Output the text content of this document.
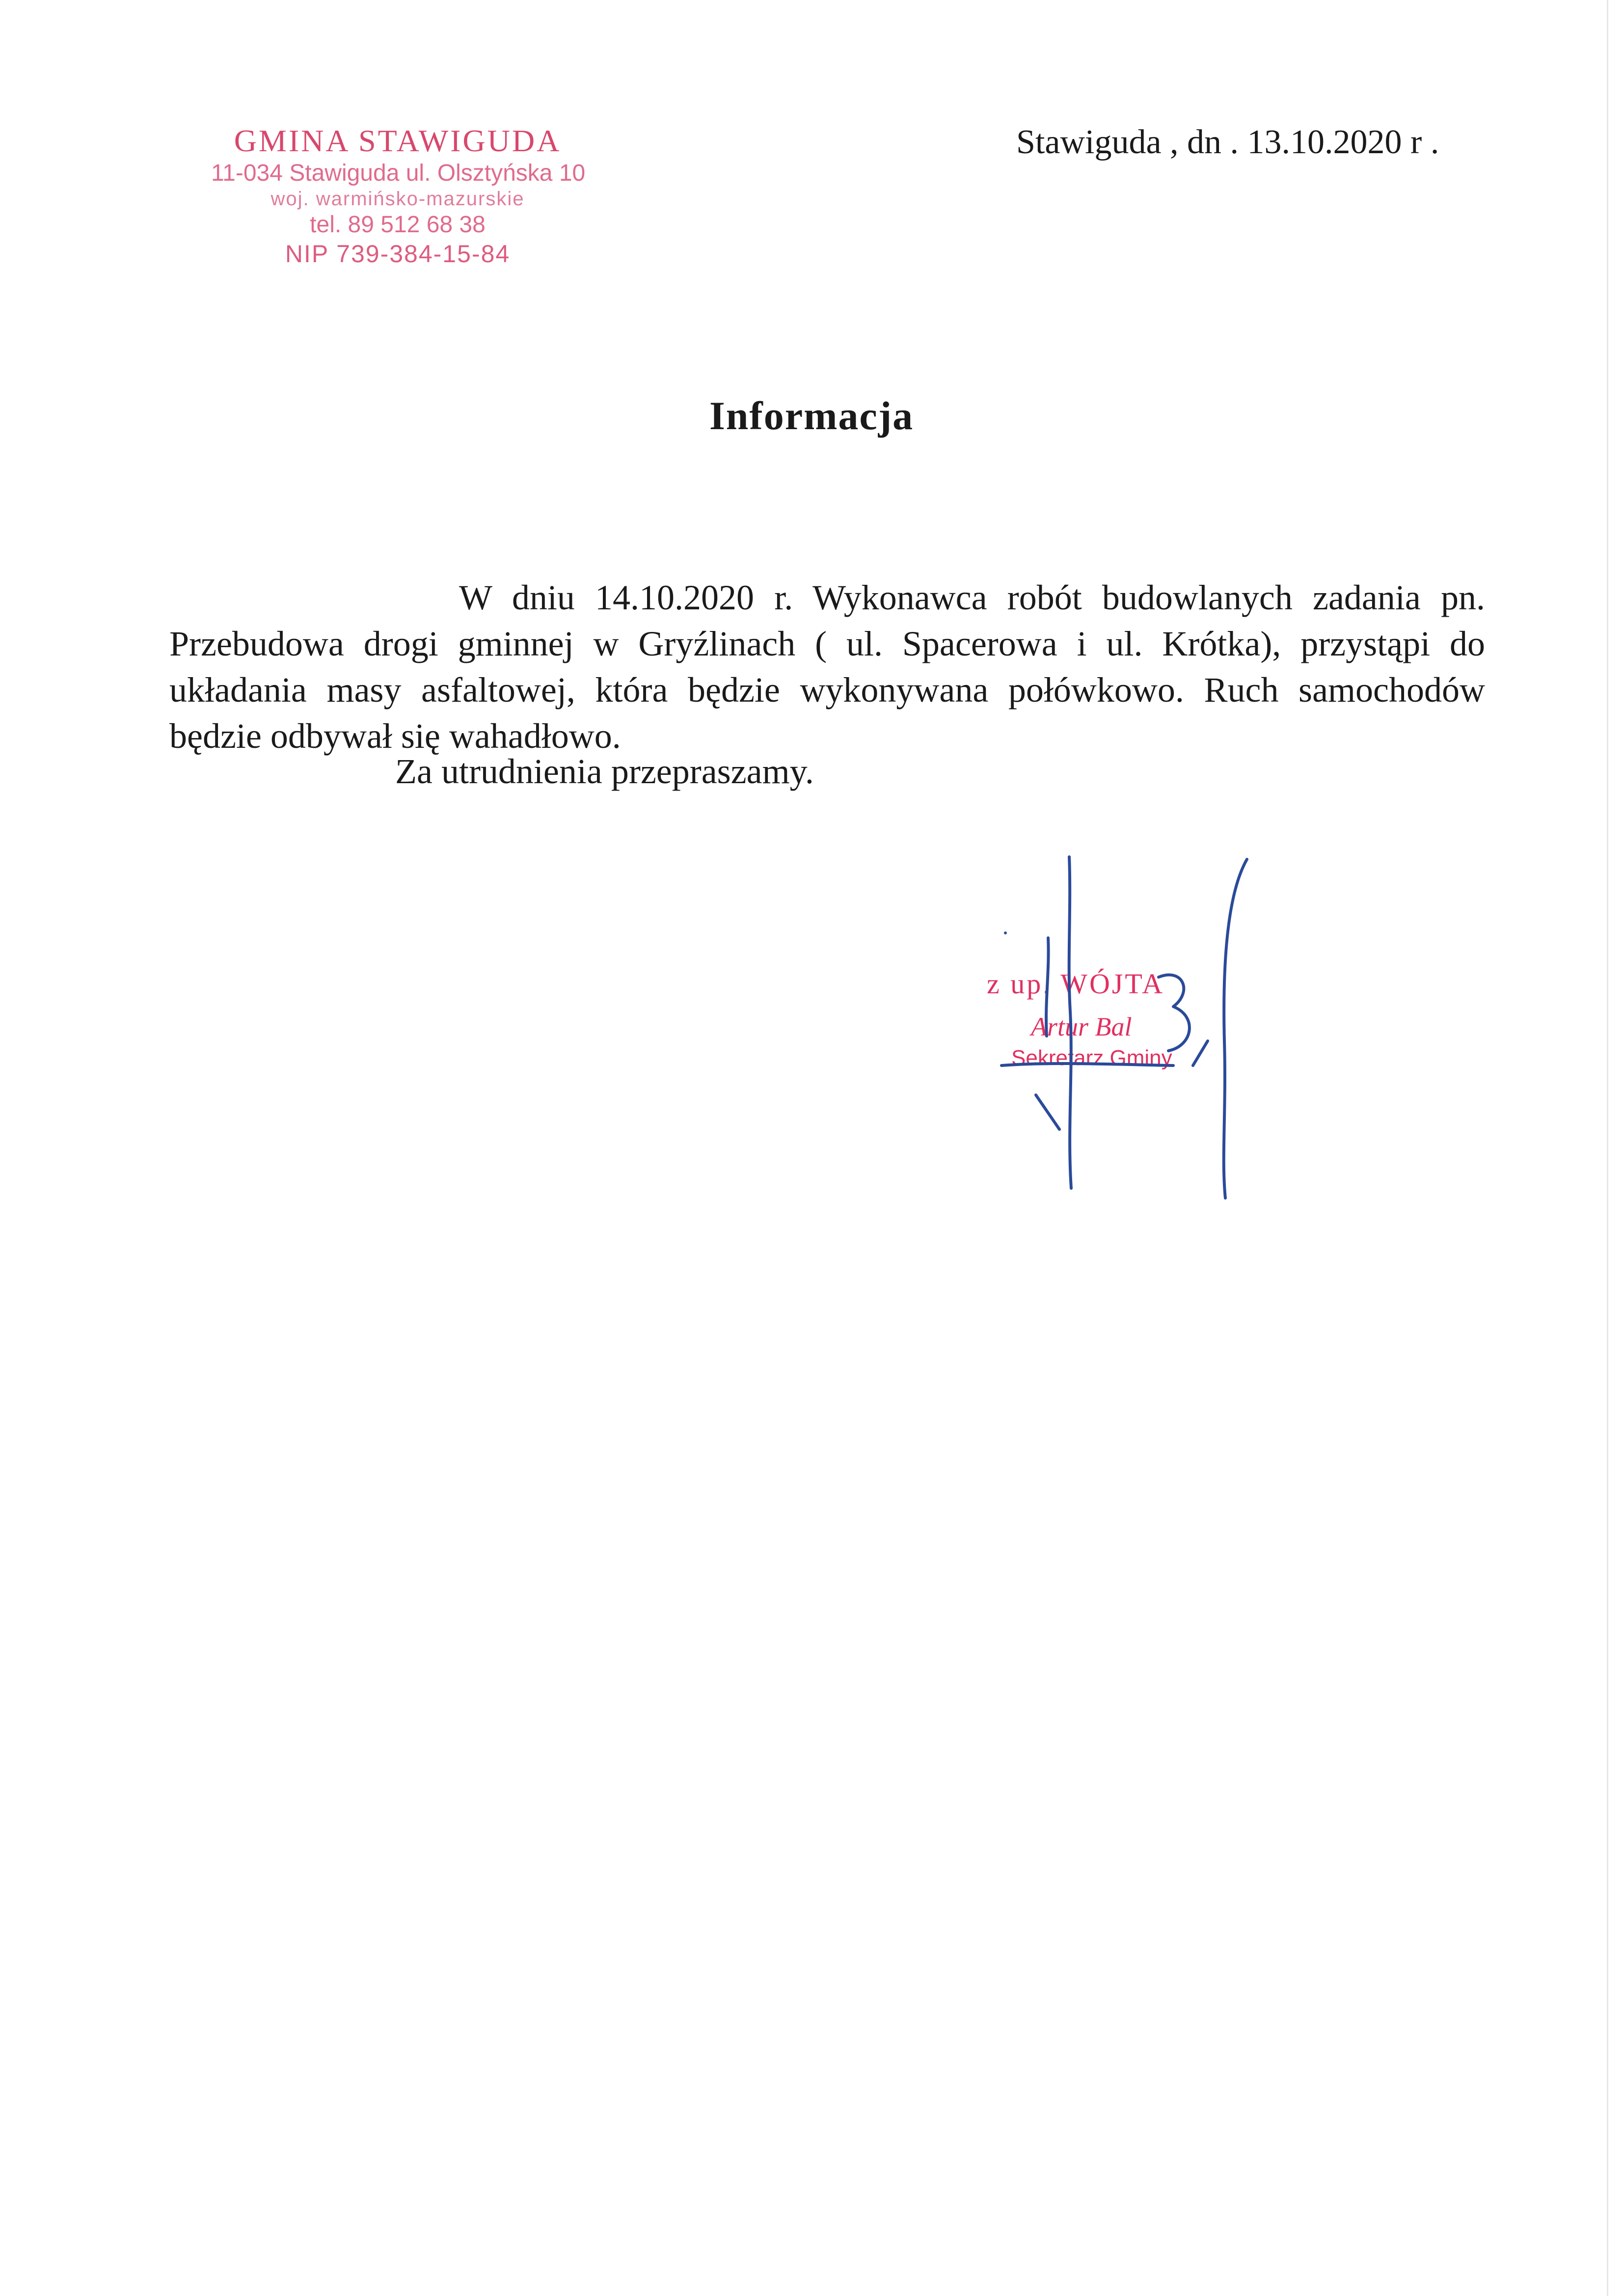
GMINA STAWIGUDA
11-034 Stawiguda ul. Olsztyńska 10
woj. warmińsko-mazurskie
tel. 89 512 68 38
NIP 739-384-15-84
Stawiguda , dn . 13.10.2020 r .
Informacja

W dniu 14.10.2020 r. Wykonawca robót budowlanych zadania pn. Przebudowa drogi gminnej w Gryźlinach ( ul. Spacerowa i ul. Krótka), przystąpi do układania masy asfaltowej, która będzie wykonywana połówkowo. Ruch samochodów będzie odbywał się wahadłowo.

Za utrudnienia przepraszamy.
z up. WÓJTA
Artur Bal
Sekretarz Gminy
